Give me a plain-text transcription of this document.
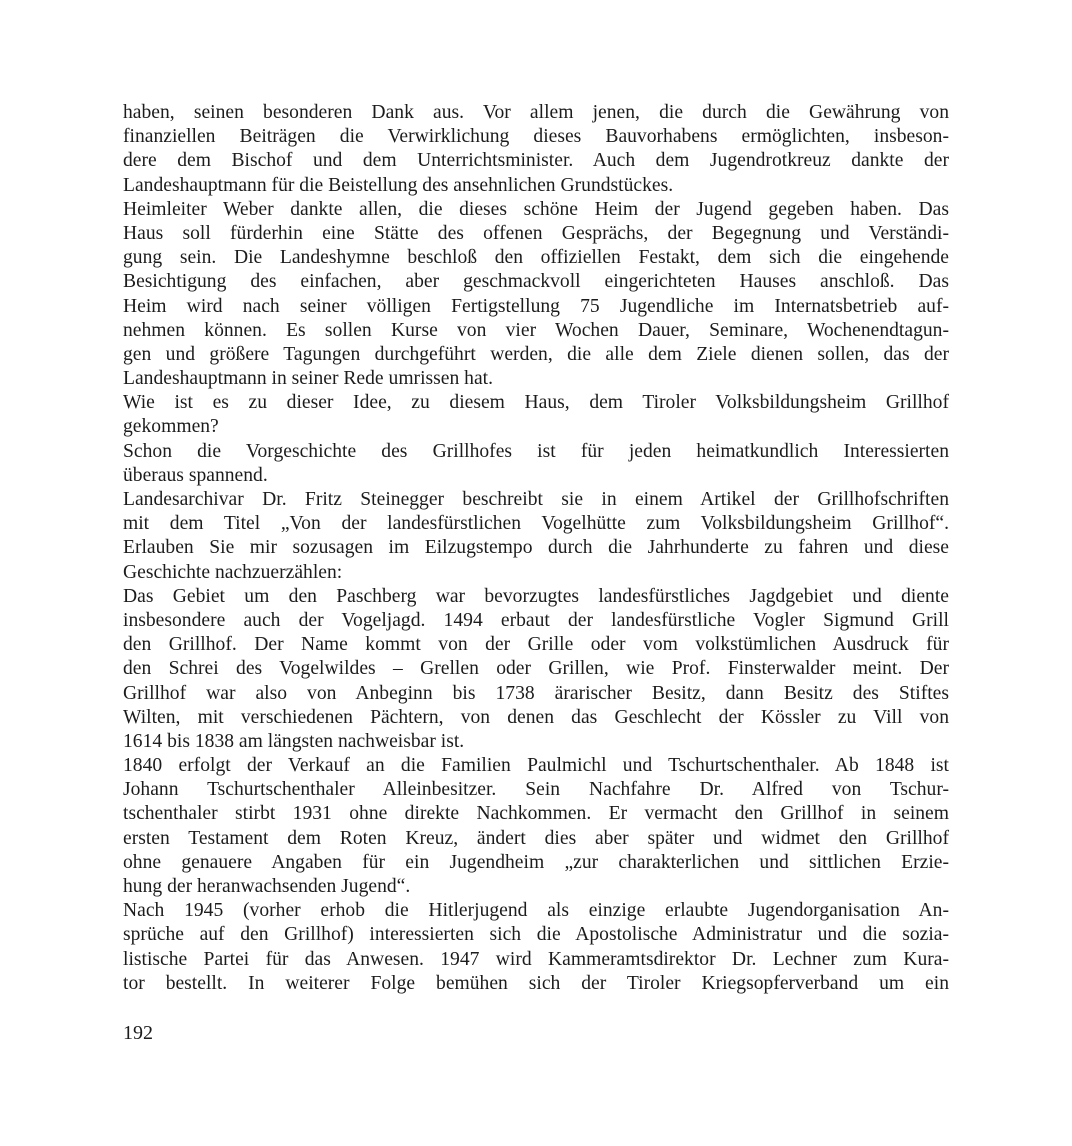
haben, seinen besonderen Dank aus. Vor allem jenen, die durch die Gewährung von
finanziellen Beiträgen die Verwirklichung dieses Bauvorhabens ermöglichten, insbeson-
dere dem Bischof und dem Unterrichtsminister. Auch dem Jugendrotkreuz dankte der
Landeshauptmann für die Beistellung des ansehnlichen Grundstückes.
Heimleiter Weber dankte allen, die dieses schöne Heim der Jugend gegeben haben. Das
Haus soll fürderhin eine Stätte des offenen Gesprächs, der Begegnung und Verständi-
gung sein. Die Landeshymne beschloß den offiziellen Festakt, dem sich die eingehende
Besichtigung des einfachen, aber geschmackvoll eingerichteten Hauses anschloß. Das
Heim wird nach seiner völligen Fertigstellung 75 Jugendliche im Internatsbetrieb auf-
nehmen können. Es sollen Kurse von vier Wochen Dauer, Seminare, Wochenendtagun-
gen und größere Tagungen durchgeführt werden, die alle dem Ziele dienen sollen, das der
Landeshauptmann in seiner Rede umrissen hat.
Wie ist es zu dieser Idee, zu diesem Haus, dem Tiroler Volksbildungsheim Grillhof
gekommen?
Schon die Vorgeschichte des Grillhofes ist für jeden heimatkundlich Interessierten
überaus spannend.
Landesarchivar Dr. Fritz Steinegger beschreibt sie in einem Artikel der Grillhofschriften
mit dem Titel „Von der landesfürstlichen Vogelhütte zum Volksbildungsheim Grillhof“.
Erlauben Sie mir sozusagen im Eilzugstempo durch die Jahrhunderte zu fahren und diese
Geschichte nachzuerzählen:
Das Gebiet um den Paschberg war bevorzugtes landesfürstliches Jagdgebiet und diente
insbesondere auch der Vogeljagd. 1494 erbaut der landesfürstliche Vogler Sigmund Grill
den Grillhof. Der Name kommt von der Grille oder vom volkstümlichen Ausdruck für
den Schrei des Vogelwildes – Grellen oder Grillen, wie Prof. Finsterwalder meint. Der
Grillhof war also von Anbeginn bis 1738 ärarischer Besitz, dann Besitz des Stiftes
Wilten, mit verschiedenen Pächtern, von denen das Geschlecht der Kössler zu Vill von
1614 bis 1838 am längsten nachweisbar ist.
1840 erfolgt der Verkauf an die Familien Paulmichl und Tschurtschenthaler. Ab 1848 ist
Johann Tschurtschenthaler Alleinbesitzer. Sein Nachfahre Dr. Alfred von Tschur-
tschenthaler stirbt 1931 ohne direkte Nachkommen. Er vermacht den Grillhof in seinem
ersten Testament dem Roten Kreuz, ändert dies aber später und widmet den Grillhof
ohne genauere Angaben für ein Jugendheim „zur charakterlichen und sittlichen Erzie-
hung der heranwachsenden Jugend“.
Nach 1945 (vorher erhob die Hitlerjugend als einzige erlaubte Jugendorganisation An-
sprüche auf den Grillhof) interessierten sich die Apostolische Administratur und die sozia-
listische Partei für das Anwesen. 1947 wird Kammeramtsdirektor Dr. Lechner zum Kura-
tor bestellt. In weiterer Folge bemühen sich der Tiroler Kriegsopferverband um ein
192
